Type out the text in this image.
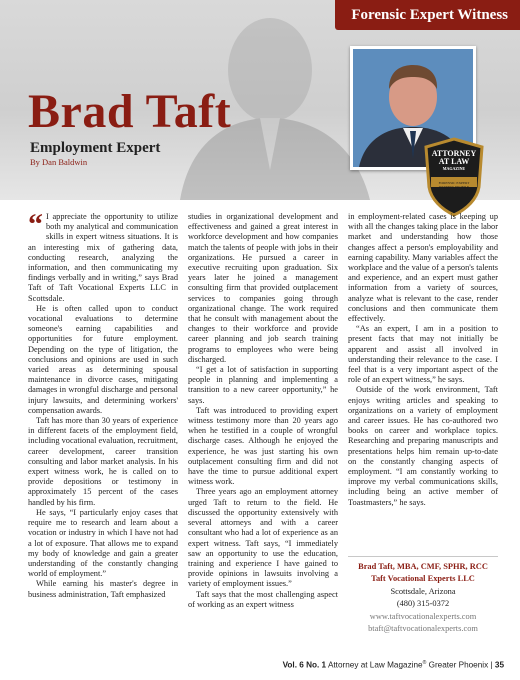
Forensic Expert Witness
Brad Taft
Employment Expert
By Dan Baldwin
ATTORNEY
AT LAW
MAGAZINE
FORENSIC EXPERT
WITNESS PROFILE

“ I appreciate the opportunity to utilize both my analytical and communication skills in expert witness situations. It is an interesting mix of gathering data, conducting research, analyzing the information, and then communicating my findings verbally and in writing,” says Brad Taft of Taft Vocational Experts LLC in Scottsdale.

He is often called upon to conduct vocational evaluations to determine someone's earning capabilities and opportunities for future employment. Depending on the type of litigation, the conclusions and opinions are used in such varied areas as determining spousal maintenance in divorce cases, mitigating damages in wrongful discharge and personal injury lawsuits, and determining workers' compensation awards.

Taft has more than 30 years of experience in different facets of the employment field, including vocational evaluation, recruitment, career development, career transition consulting and labor market analysis. In his expert witness work, he is called on to provide depositions or testimony in approximately 15 percent of the cases handled by his firm.

He says, “I particularly enjoy cases that require me to research and learn about a vocation or industry in which I have not had a lot of exposure. That allows me to expand my body of knowledge and gain a greater understanding of the constantly changing world of employment.”

While earning his master's degree in business administration, Taft emphasized

studies in organizational development and effectiveness and gained a great interest in workforce development and how companies match the talents of people with jobs in their organizations. He pursued a career in executive recruiting upon graduation. Six years later he joined a management consulting firm that provided outplacement services to companies going through organizational change. The work required that he consult with management about the changes to their workforce and provide career planning and job search training programs to employees who were being discharged.

“I get a lot of satisfaction in supporting people in planning and implementing a transition to a new career opportunity,” he says.

Taft was introduced to providing expert witness testimony more than 20 years ago when he testified in a couple of wrongful discharge cases. Although he enjoyed the experience, he was just starting his own outplacement consulting firm and did not have the time to pursue additional expert witness work.

Three years ago an employment attorney urged Taft to return to the field. He discussed the opportunity extensively with several attorneys and with a career consultant who had a lot of experience as an expert witness. Taft says, “I immediately saw an opportunity to use the education, training and experience I have gained to provide opinions in lawsuits involving a variety of employment issues.”

Taft says that the most challenging aspect of working as an expert witness

in employment-related cases is keeping up with all the changes taking place in the labor market and understanding how those changes affect a person's employability and earning capability. Many variables affect the workplace and the value of a person's talents and experience, and an expert must gather information from a variety of sources, analyze what is relevant to the case, render conclusions and then communicate them effectively.

“As an expert, I am in a position to present facts that may not initially be apparent and assist all involved in understanding their relevance to the case. I feel that is a very important aspect of the role of an expert witness,” he says.

Outside of the work environment, Taft enjoys writing articles and speaking to organizations on a variety of employment and career issues. He has co-authored two books on career and workplace topics. Researching and preparing manuscripts and presentations helps him remain up-to-date on the constantly changing aspects of employment. “I am constantly working to improve my verbal communications skills, including being an active member of Toastmasters,” he says.

Brad Taft, MBA, CMF, SPHR, RCC
Taft Vocational Experts LLC
Scottsdale, Arizona
(480) 315-0372
www.taftvocationalexperts.com
btaft@taftvocationalexperts.com
Vol. 6 No. 1 Attorney at Law Magazine® Greater Phoenix | 35
